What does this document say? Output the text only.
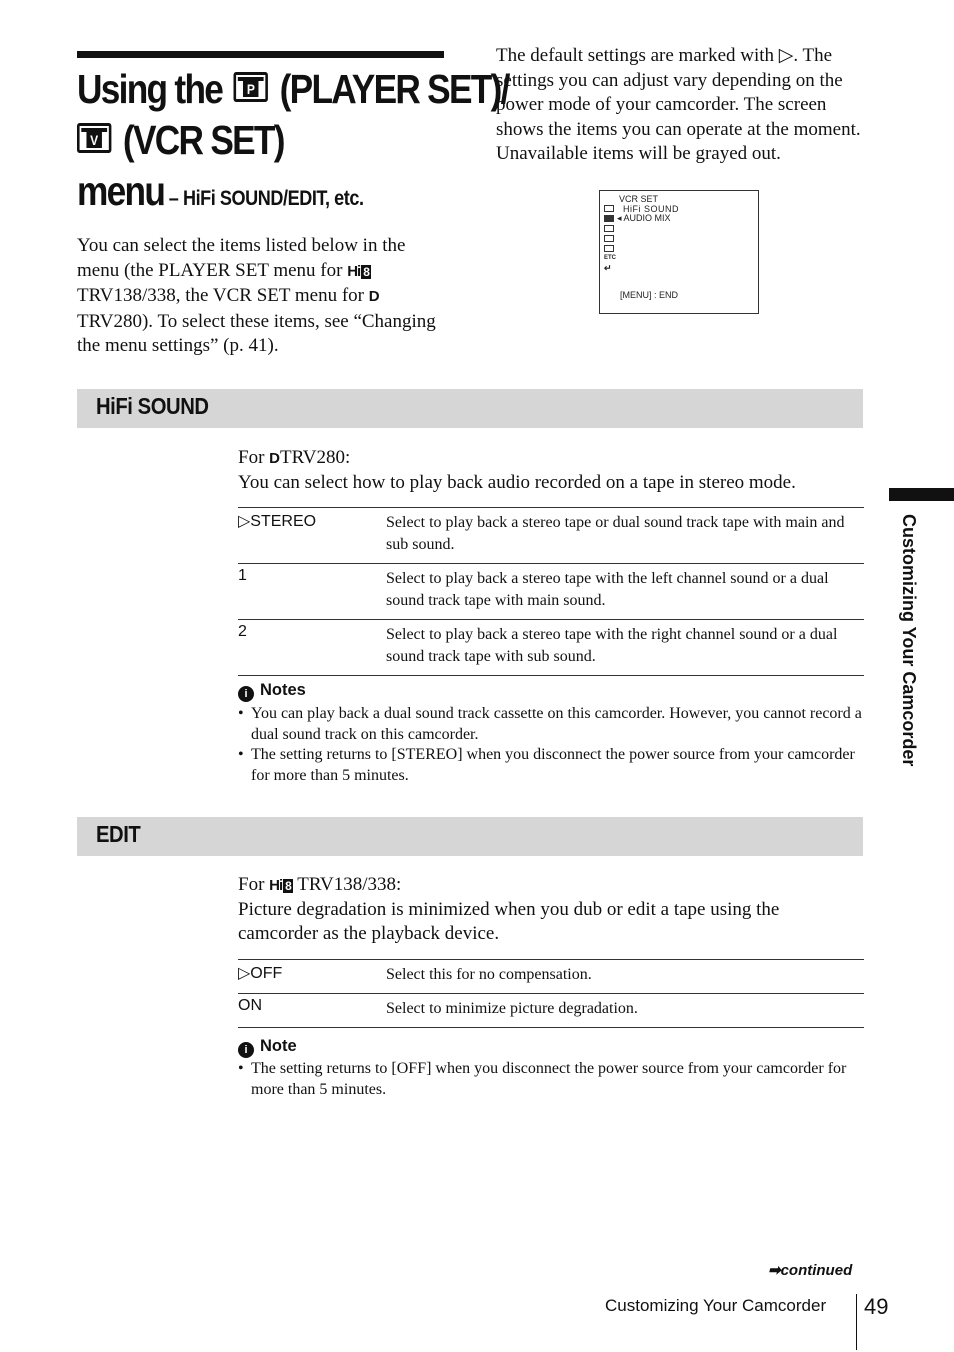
Using the P (PLAYER SET)/
V (VCR SET)
menu – HiFi SOUND/EDIT, etc.
You can select the items listed below in the menu (the PLAYER SET menu for Hi 8TRV138/338, the VCR SET menu for DTRV280). To select these items, see “Changing the menu settings” (p. 41).
The default settings are marked with ▷. The settings you can adjust vary depending on the power mode of your camcorder. The screen shows the items you can operate at the moment. Unavailable items will be grayed out.
VCR SET
HiFi SOUND
◂ AUDIO MIX
ETC
↵
[MENU] : END
HiFi SOUND
For DTRV280:
You can select how to play back audio recorded on a tape in stereo mode.
▷STEREO	Select to play back a stereo tape or dual sound track tape with main and sub sound.
1	Select to play back a stereo tape with the left channel sound or a dual sound track tape with main sound.
2	Select to play back a stereo tape with the right channel sound or a dual sound track tape with sub sound.
i Notes
• You can play back a dual sound track cassette on this camcorder. However, you cannot record a dual sound track on this camcorder.
• The setting returns to [STEREO] when you disconnect the power source from your camcorder for more than 5 minutes.
EDIT
For Hi 8 TRV138/338:
Picture degradation is minimized when you dub or edit a tape using the camcorder as the playback device.
▷OFF	Select this for no compensation.
ON	Select to minimize picture degradation.
i Note
• The setting returns to [OFF] when you disconnect the power source from your camcorder for more than 5 minutes.
Customizing Your Camcorder
➡continued
Customizing Your Camcorder 49
